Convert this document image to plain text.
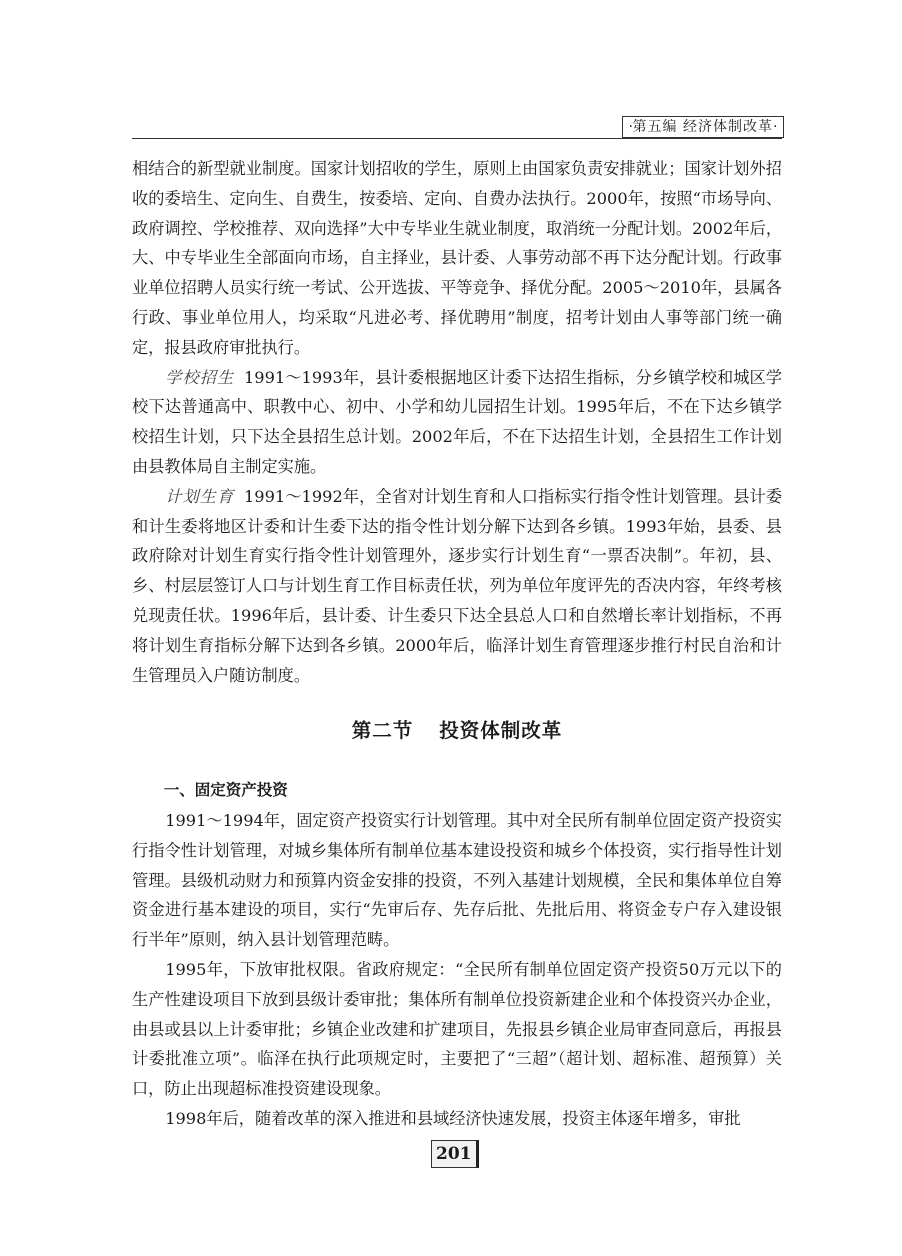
·第五编 经济体制改革·

相结合的新型就业制度。国家计划招收的学生，原则上由国家负责安排就业；国家计划外招收的委培生、定向生、自费生，按委培、定向、自费办法执行。2000年，按照“市场导向、政府调控、学校推荐、双向选择”大中专毕业生就业制度，取消统一分配计划。2002年后，大、中专毕业生全部面向市场，自主择业，县计委、人事劳动部不再下达分配计划。行政事业单位招聘人员实行统一考试、公开选拔、平等竞争、择优分配。2005～2010年，县属各行政、事业单位用人，均采取“凡进必考、择优聘用”制度，招考计划由人事等部门统一确定，报县政府审批执行。

学校招生 1991～1993年，县计委根据地区计委下达招生指标，分乡镇学校和城区学校下达普通高中、职教中心、初中、小学和幼儿园招生计划。1995年后，不在下达乡镇学校招生计划，只下达全县招生总计划。2002年后，不在下达招生计划，全县招生工作计划由县教体局自主制定实施。

计划生育 1991～1992年，全省对计划生育和人口指标实行指令性计划管理。县计委和计生委将地区计委和计生委下达的指令性计划分解下达到各乡镇。1993年始，县委、县政府除对计划生育实行指令性计划管理外，逐步实行计划生育“一票否决制”。年初，县、乡、村层层签订人口与计划生育工作目标责任状，列为单位年度评先的否决内容，年终考核兑现责任状。1996年后，县计委、计生委只下达全县总人口和自然增长率计划指标，不再将计划生育指标分解下达到各乡镇。2000年后，临泽计划生育管理逐步推行村民自治和计生管理员入户随访制度。

第二节 投资体制改革

一、固定资产投资

1991～1994年，固定资产投资实行计划管理。其中对全民所有制单位固定资产投资实行指令性计划管理，对城乡集体所有制单位基本建设投资和城乡个体投资，实行指导性计划管理。县级机动财力和预算内资金安排的投资，不列入基建计划规模，全民和集体单位自筹资金进行基本建设的项目，实行“先审后存、先存后批、先批后用、将资金专户存入建设银行半年”原则，纳入县计划管理范畴。

1995年，下放审批权限。省政府规定：“全民所有制单位固定资产投资50万元以下的生产性建设项目下放到县级计委审批；集体所有制单位投资新建企业和个体投资兴办企业，由县或县以上计委审批；乡镇企业改建和扩建项目，先报县乡镇企业局审查同意后，再报县计委批准立项”。临泽在执行此项规定时，主要把了“三超”（超计划、超标准、超预算）关口，防止出现超标准投资建设现象。

1998年后，随着改革的深入推进和县域经济快速发展，投资主体逐年增多，审批

201
